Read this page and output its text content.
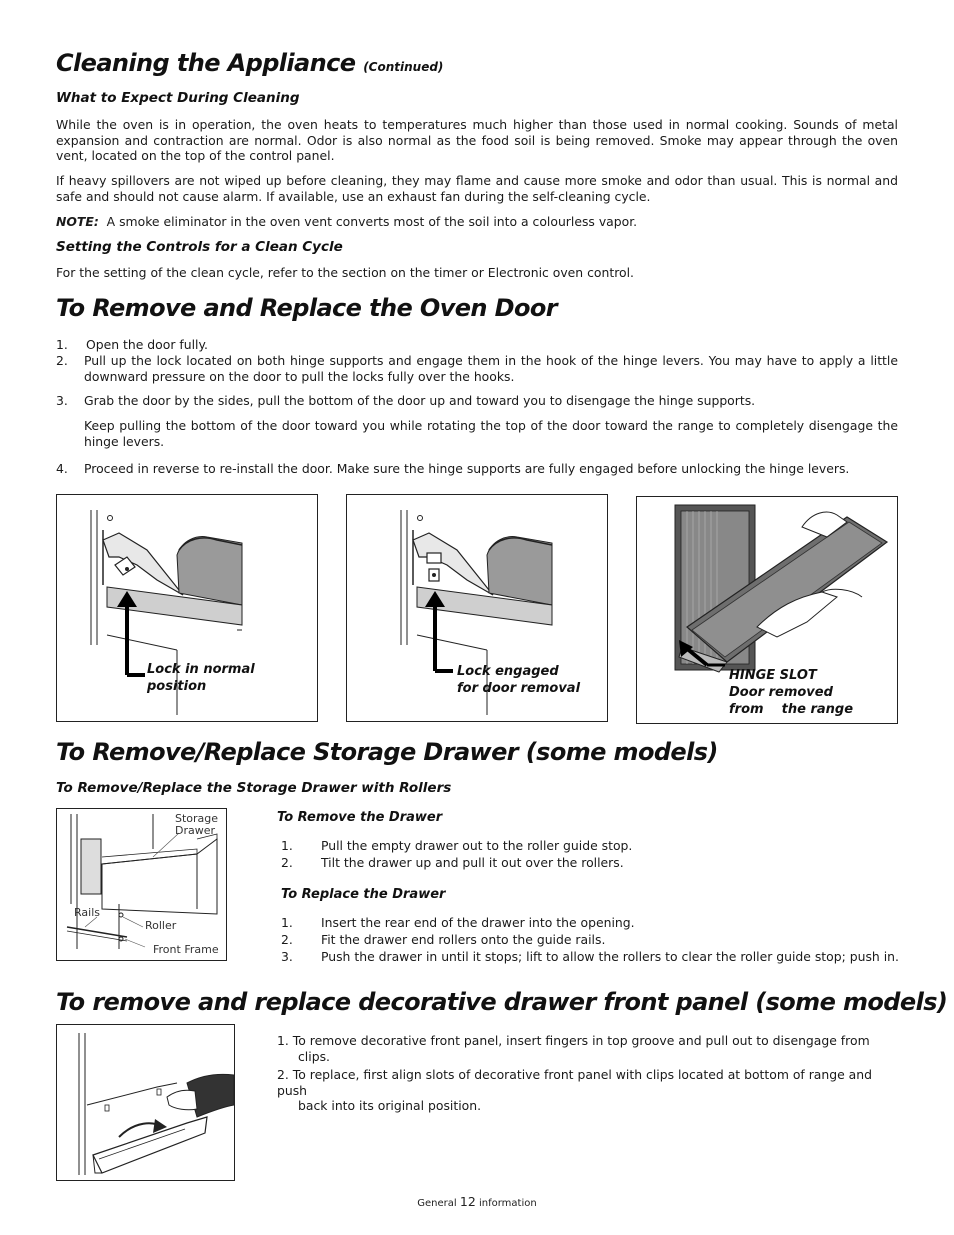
Cleaning the Appliance (Continued)
What to Expect During Cleaning
While the oven is in operation, the oven heats to temperatures much higher than those used in normal cooking. Sounds of metal expansion and contraction are normal. Odor is also normal as the food soil is being removed. Smoke may appear through the oven vent, located on the top of the control panel.
If heavy spillovers are not wiped up before cleaning, they may flame and cause more smoke and odor than usual. This is normal and safe and should not cause alarm. If available, use an exhaust fan during the self-cleaning cycle.
NOTE: A smoke eliminator in the oven vent converts most of the soil into a colourless vapor.
Setting the Controls for a Clean Cycle
For the setting of the clean cycle, refer to the section on the timer or Electronic oven control.
To Remove and Replace the Oven Door
1. Open the door fully.
2.	Pull up the lock located on both hinge supports and engage them in the hook of the hinge levers. You may have to apply a little downward pressure on the door to pull the locks fully over the hooks.
3.	Grab the door by the sides, pull the bottom of the door up and toward you to disengage the hinge supports.
Keep pulling the bottom of the door toward you while rotating the top of the door toward the range to completely disengage the hinge levers.
4.	Proceed in reverse to re-install the door. Make sure the hinge supports are fully engaged before unlocking the hinge levers.
Lock in normal
position
Lock engaged
for door removal
HINGE SLOT
Door removed
from    the range
To Remove/Replace Storage Drawer (some models)
To Remove/Replace the Storage Drawer with Rollers
Storage
Drawer
Rails
Roller
Front Frame
To Remove the Drawer
1. Pull the empty drawer out to the roller guide stop.
2. Tilt the drawer up and pull it out over the rollers.
To Replace the Drawer
1. Insert the rear end of the drawer into the opening.
2. Fit the drawer end rollers onto the guide rails.
3. Push the drawer in until it stops; lift to allow the rollers to clear the roller guide stop; push in.
To remove and replace decorative drawer front panel (some models)
1. To remove decorative front panel, insert fingers in top groove and pull out to disengage from
clips.
2. To replace, first align slots of decorative front panel with clips located at bottom of range and push
back into its original position.
General 12 information
